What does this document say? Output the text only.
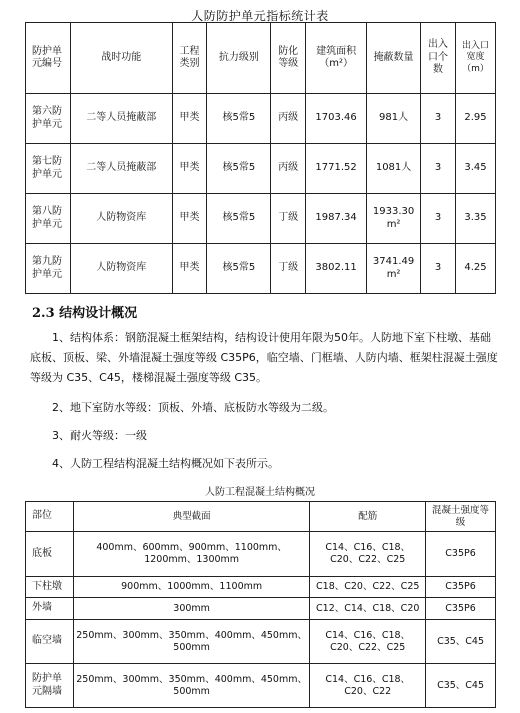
人防防护单元指标统计表
防护单元编号	战时功能	工程类别	抗力级别	防化等级	建筑面积（m²）	掩蔽数量	出入口个数	出入口宽度（m）
第六防护单元	二等人员掩蔽部	甲类	核5常5	丙级	1703.46	981人	3	2.95
第七防护单元	二等人员掩蔽部	甲类	核5常5	丙级	1771.52	1081人	3	3.45
第八防护单元	人防物资库	甲类	核5常5	丁级	1987.34	1933.30 m²	3	3.35
第九防护单元	人防物资库	甲类	核5常5	丁级	3802.11	3741.49 m²	3	4.25
2.3 结构设计概况
1、结构体系：钢筋混凝土框架结构，结构设计使用年限为50年。人防地下室下柱墩、基础底板、顶板、梁、外墙混凝土强度等级 C35P6，临空墙、门框墙、人防内墙、框架柱混凝土强度等级为 C35、C45，楼梯混凝土强度等级 C35。
2、地下室防水等级：顶板、外墙、底板防水等级为二级。
3、耐火等级：一级
4、人防工程结构混凝土结构概况如下表所示。
人防工程混凝土结构概况
部位	典型截面	配筋	混凝土强度等级
底板	400mm、600mm、900mm、1100mm、1200mm、1300mm	C14、C16、C18、C20、C22、C25	C35P6
下柱墩	900mm、1000mm、1100mm	C18、C20、C22、C25	C35P6
外墙	300mm	C12、C14、C18、C20	C35P6
临空墙	250mm、300mm、350mm、400mm、450mm、500mm	C14、C16、C18、C20、C22、C25	C35、C45
防护单元隔墙	250mm、300mm、350mm、400mm、450mm、500mm	C14、C16、C18、C20、C22	C35、C45
